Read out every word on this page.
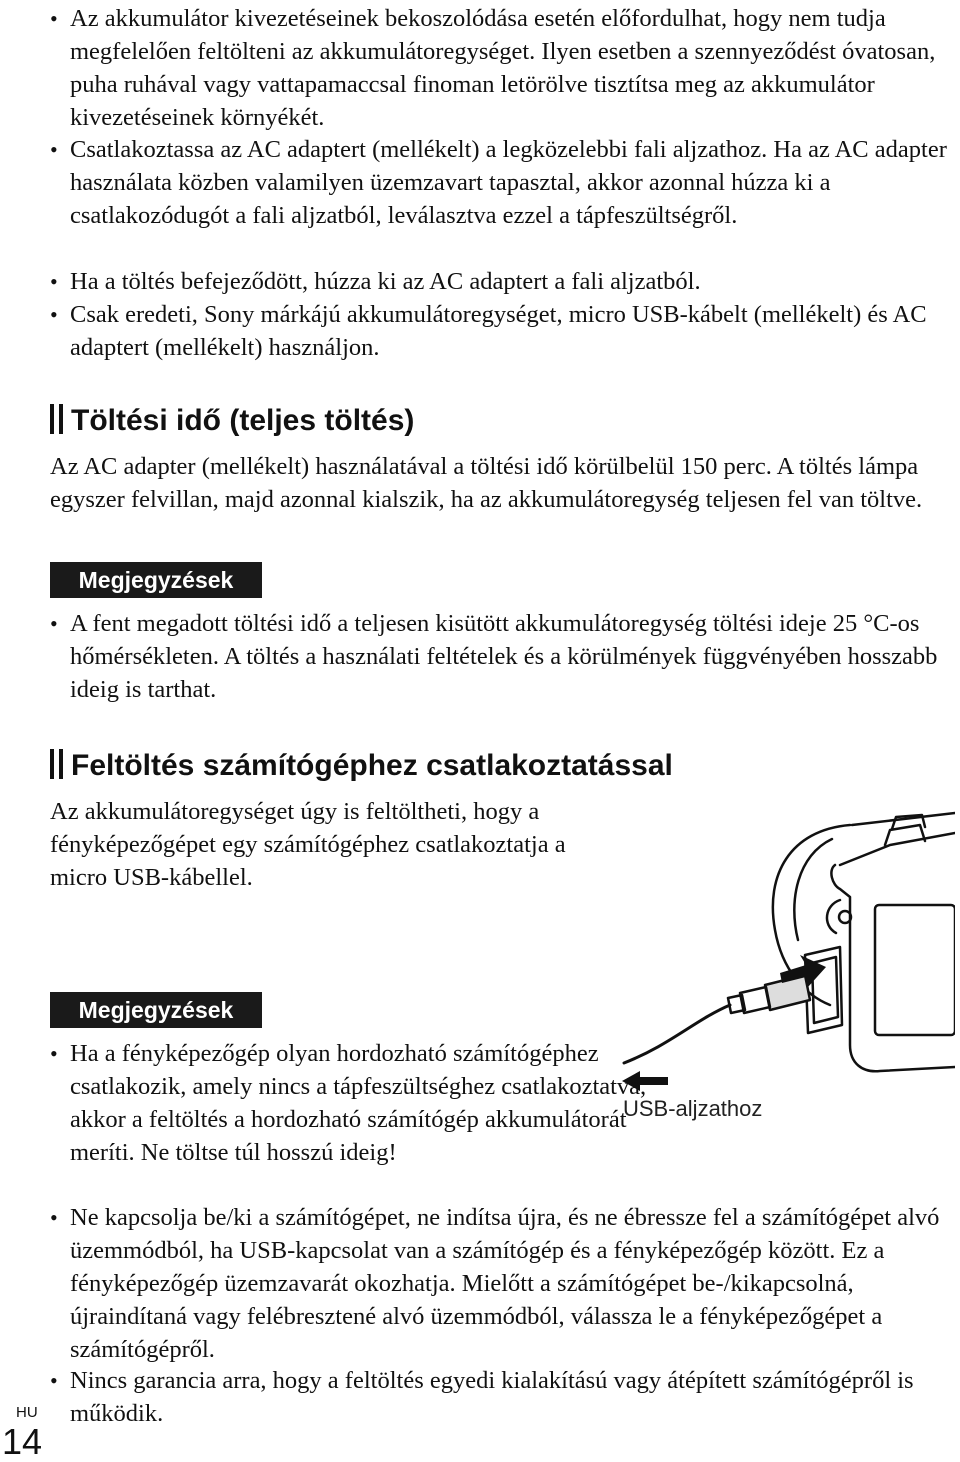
• Az akkumulátor kivezetéseinek bekoszolódása esetén előfordulhat, hogy nem tudja megfelelően feltölteni az akkumulátoregységet. Ilyen esetben a szennyeződést óvatosan, puha ruhával vagy vattapamaccsal finoman letörölve tisztítsa meg az akkumulátor kivezetéseinek környékét.
• Csatlakoztassa az AC adaptert (mellékelt) a legközelebbi fali aljzathoz. Ha az AC adapter használata közben valamilyen üzemzavart tapasztal, akkor azonnal húzza ki a csatlakozódugót a fali aljzatból, leválasztva ezzel a tápfeszültségről.
• Ha a töltés befejeződött, húzza ki az AC adaptert a fali aljzatból.
• Csak eredeti, Sony márkájú akkumulátoregységet, micro USB-kábelt (mellékelt) és AC adaptert (mellékelt) használjon.
Töltési idő (teljes töltés)
Az AC adapter (mellékelt) használatával a töltési idő körülbelül 150 perc. A töltés lámpa egyszer felvillan, majd azonnal kialszik, ha az akkumulátoregység teljesen fel van töltve.
Megjegyzések
• A fent megadott töltési idő a teljesen kisütött akkumulátoregység töltési ideje 25 °C-os hőmérsékleten. A töltés a használati feltételek és a körülmények függvényében hosszabb ideig is tarthat.
Feltöltés számítógéphez csatlakoztatással
Az akkumulátoregységet úgy is feltöltheti, hogy a fényképezőgépet egy számítógéphez csatlakoztatja a micro USB-kábellel.
USB-aljzathoz
Megjegyzések
• Ha a fényképezőgép olyan hordozható számítógéphez csatlakozik, amely nincs a tápfeszültséghez csatlakoztatva, akkor a feltöltés a hordozható számítógép akkumulátorát meríti. Ne töltse túl hosszú ideig!
• Ne kapcsolja be/ki a számítógépet, ne indítsa újra, és ne ébressze fel a számítógépet alvó üzemmódból, ha USB-kapcsolat van a számítógép és a fényképezőgép között. Ez a fényképezőgép üzemzavarát okozhatja. Mielőtt a számítógépet be-/kikapcsolná, újraindítaná vagy felébresztené alvó üzemmódból, válassza le a fényképezőgépet a számítógépről.
• Nincs garancia arra, hogy a feltöltés egyedi kialakítású vagy átépített számítógépről is működik.
HU
14
